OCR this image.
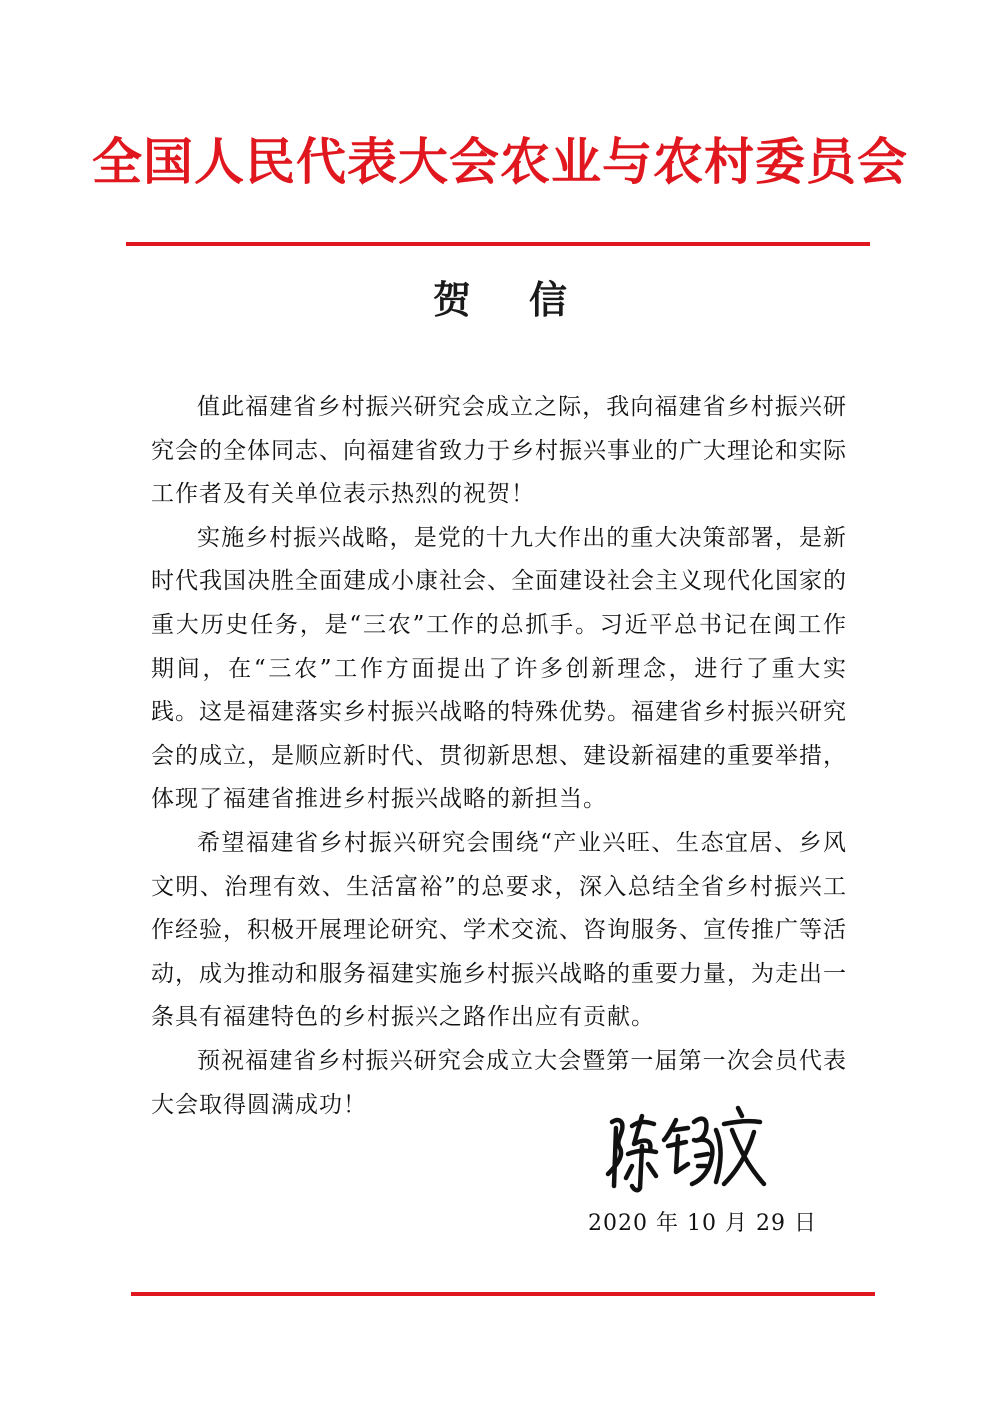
全国人民代表大会农业与农村委员会
贺 信

值此福建省乡村振兴研究会成立之际，我向福建省乡村振兴研究会的全体同志、向福建省致力于乡村振兴事业的广大理论和实际工作者及有关单位表示热烈的祝贺！

实施乡村振兴战略，是党的十九大作出的重大决策部署，是新时代我国决胜全面建成小康社会、全面建设社会主义现代化国家的重大历史任务，是“三农”工作的总抓手。习近平总书记在闽工作期间，在“三农”工作方面提出了许多创新理念，进行了重大实践。这是福建落实乡村振兴战略的特殊优势。福建省乡村振兴研究会的成立，是顺应新时代、贯彻新思想、建设新福建的重要举措，体现了福建省推进乡村振兴战略的新担当。

希望福建省乡村振兴研究会围绕“产业兴旺、生态宜居、乡风文明、治理有效、生活富裕”的总要求，深入总结全省乡村振兴工作经验，积极开展理论研究、学术交流、咨询服务、宣传推广等活动，成为推动和服务福建实施乡村振兴战略的重要力量，为走出一条具有福建特色的乡村振兴之路作出应有贡献。

预祝福建省乡村振兴研究会成立大会暨第一届第一次会员代表大会取得圆满成功！

2020 年 10 月 29 日
